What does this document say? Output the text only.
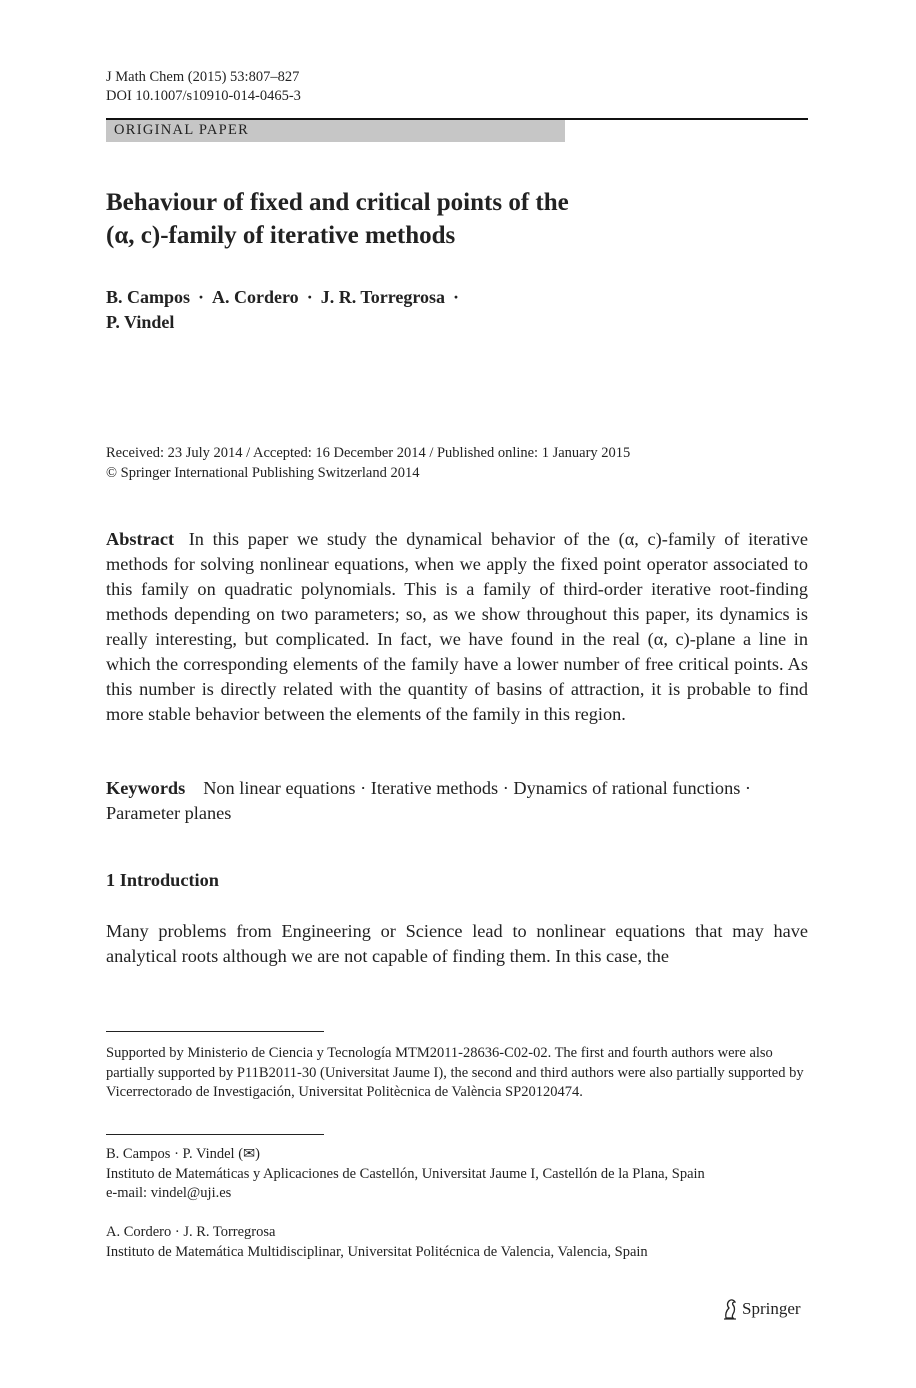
J Math Chem (2015) 53:807–827
DOI 10.1007/s10910-014-0465-3
ORIGINAL PAPER
Behaviour of fixed and critical points of the
(α, c)-family of iterative methods
B. Campos · A. Cordero · J. R. Torregrosa ·
P. Vindel
Received: 23 July 2014 / Accepted: 16 December 2014 / Published online: 1 January 2015
© Springer International Publishing Switzerland 2014
Abstract In this paper we study the dynamical behavior of the (α, c)-family of iterative methods for solving nonlinear equations, when we apply the fixed point operator associated to this family on quadratic polynomials. This is a family of third-order iterative root-finding methods depending on two parameters; so, as we show throughout this paper, its dynamics is really interesting, but complicated. In fact, we have found in the real (α, c)-plane a line in which the corresponding elements of the family have a lower number of free critical points. As this number is directly related with the quantity of basins of attraction, it is probable to find more stable behavior between the elements of the family in this region.
Keywords Non linear equations · Iterative methods · Dynamics of rational functions · Parameter planes
1 Introduction
Many problems from Engineering or Science lead to nonlinear equations that may have analytical roots although we are not capable of finding them. In this case, the
Supported by Ministerio de Ciencia y Tecnología MTM2011-28636-C02-02. The first and fourth authors were also partially supported by P11B2011-30 (Universitat Jaume I), the second and third authors were also partially supported by Vicerrectorado de Investigación, Universitat Politècnica de València SP20120474.
B. Campos · P. Vindel (✉)
Instituto de Matemáticas y Aplicaciones de Castellón, Universitat Jaume I, Castellón de la Plana, Spain
e-mail: vindel@uji.es
A. Cordero · J. R. Torregrosa
Instituto de Matemática Multidisciplinar, Universitat Politécnica de Valencia, Valencia, Spain
Springer
